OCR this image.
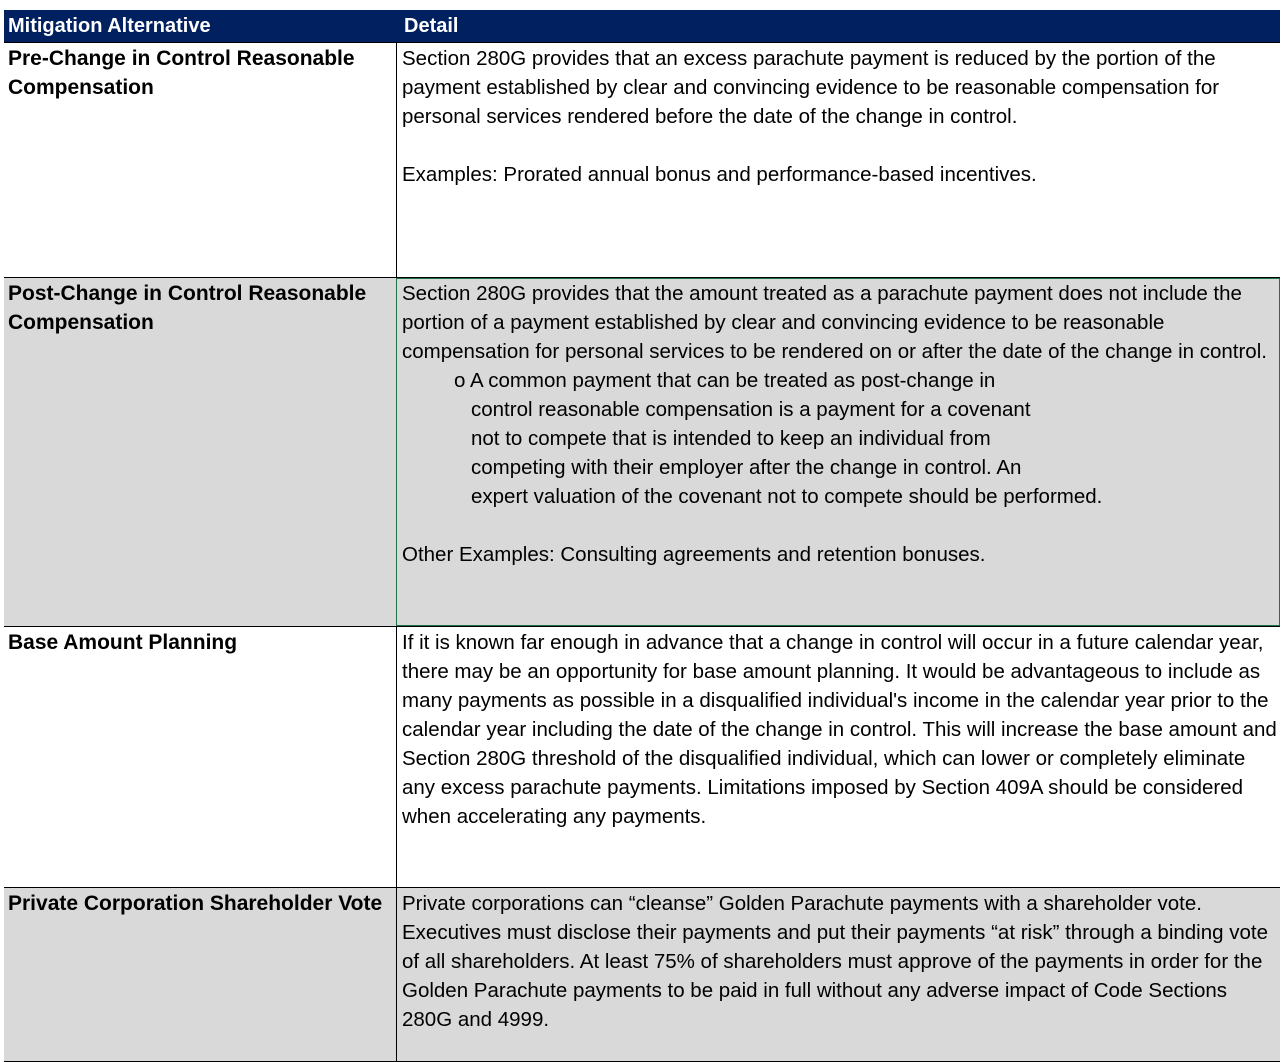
Mitigation Alternative	Detail
Pre-Change in Control Reasonable Compensation

Section 280G provides that an excess parachute payment is reduced by the portion of the payment established by clear and convincing evidence to be reasonable compensation for personal services rendered before the date of the change in control.

Examples: Prorated annual bonus and performance-based incentives.

Post-Change in Control Reasonable Compensation

Section 280G provides that the amount treated as a parachute payment does not include the portion of a payment established by clear and convincing evidence to be reasonable compensation for personal services to be rendered on or after the date of the change in control.

o A common payment that can be treated as post-change in
control reasonable compensation is a payment for a covenant
not to compete that is intended to keep an individual from
competing with their employer after the change in control. An
expert valuation of the covenant not to compete should be performed.

Other Examples: Consulting agreements and retention bonuses.

Base Amount Planning	If it is known far enough in advance that a change in control will occur in a future calendar year, there may be an opportunity for base amount planning. It would be advantageous to include as many payments as possible in a disqualified individual's income in the calendar year prior to the calendar year including the date of the change in control. This will increase the base amount and Section 280G threshold of the disqualified individual, which can lower or completely eliminate any excess parachute payments. Limitations imposed by Section 409A should be considered when accelerating any payments.

Private Corporation Shareholder Vote Private corporations can “cleanse” Golden Parachute payments with a shareholder vote. Executives must disclose their payments and put their payments “at risk” through a binding vote of all shareholders. At least 75% of shareholders must approve of the payments in order for the Golden Parachute payments to be paid in full without any adverse impact of Code Sections 280G and 4999.
